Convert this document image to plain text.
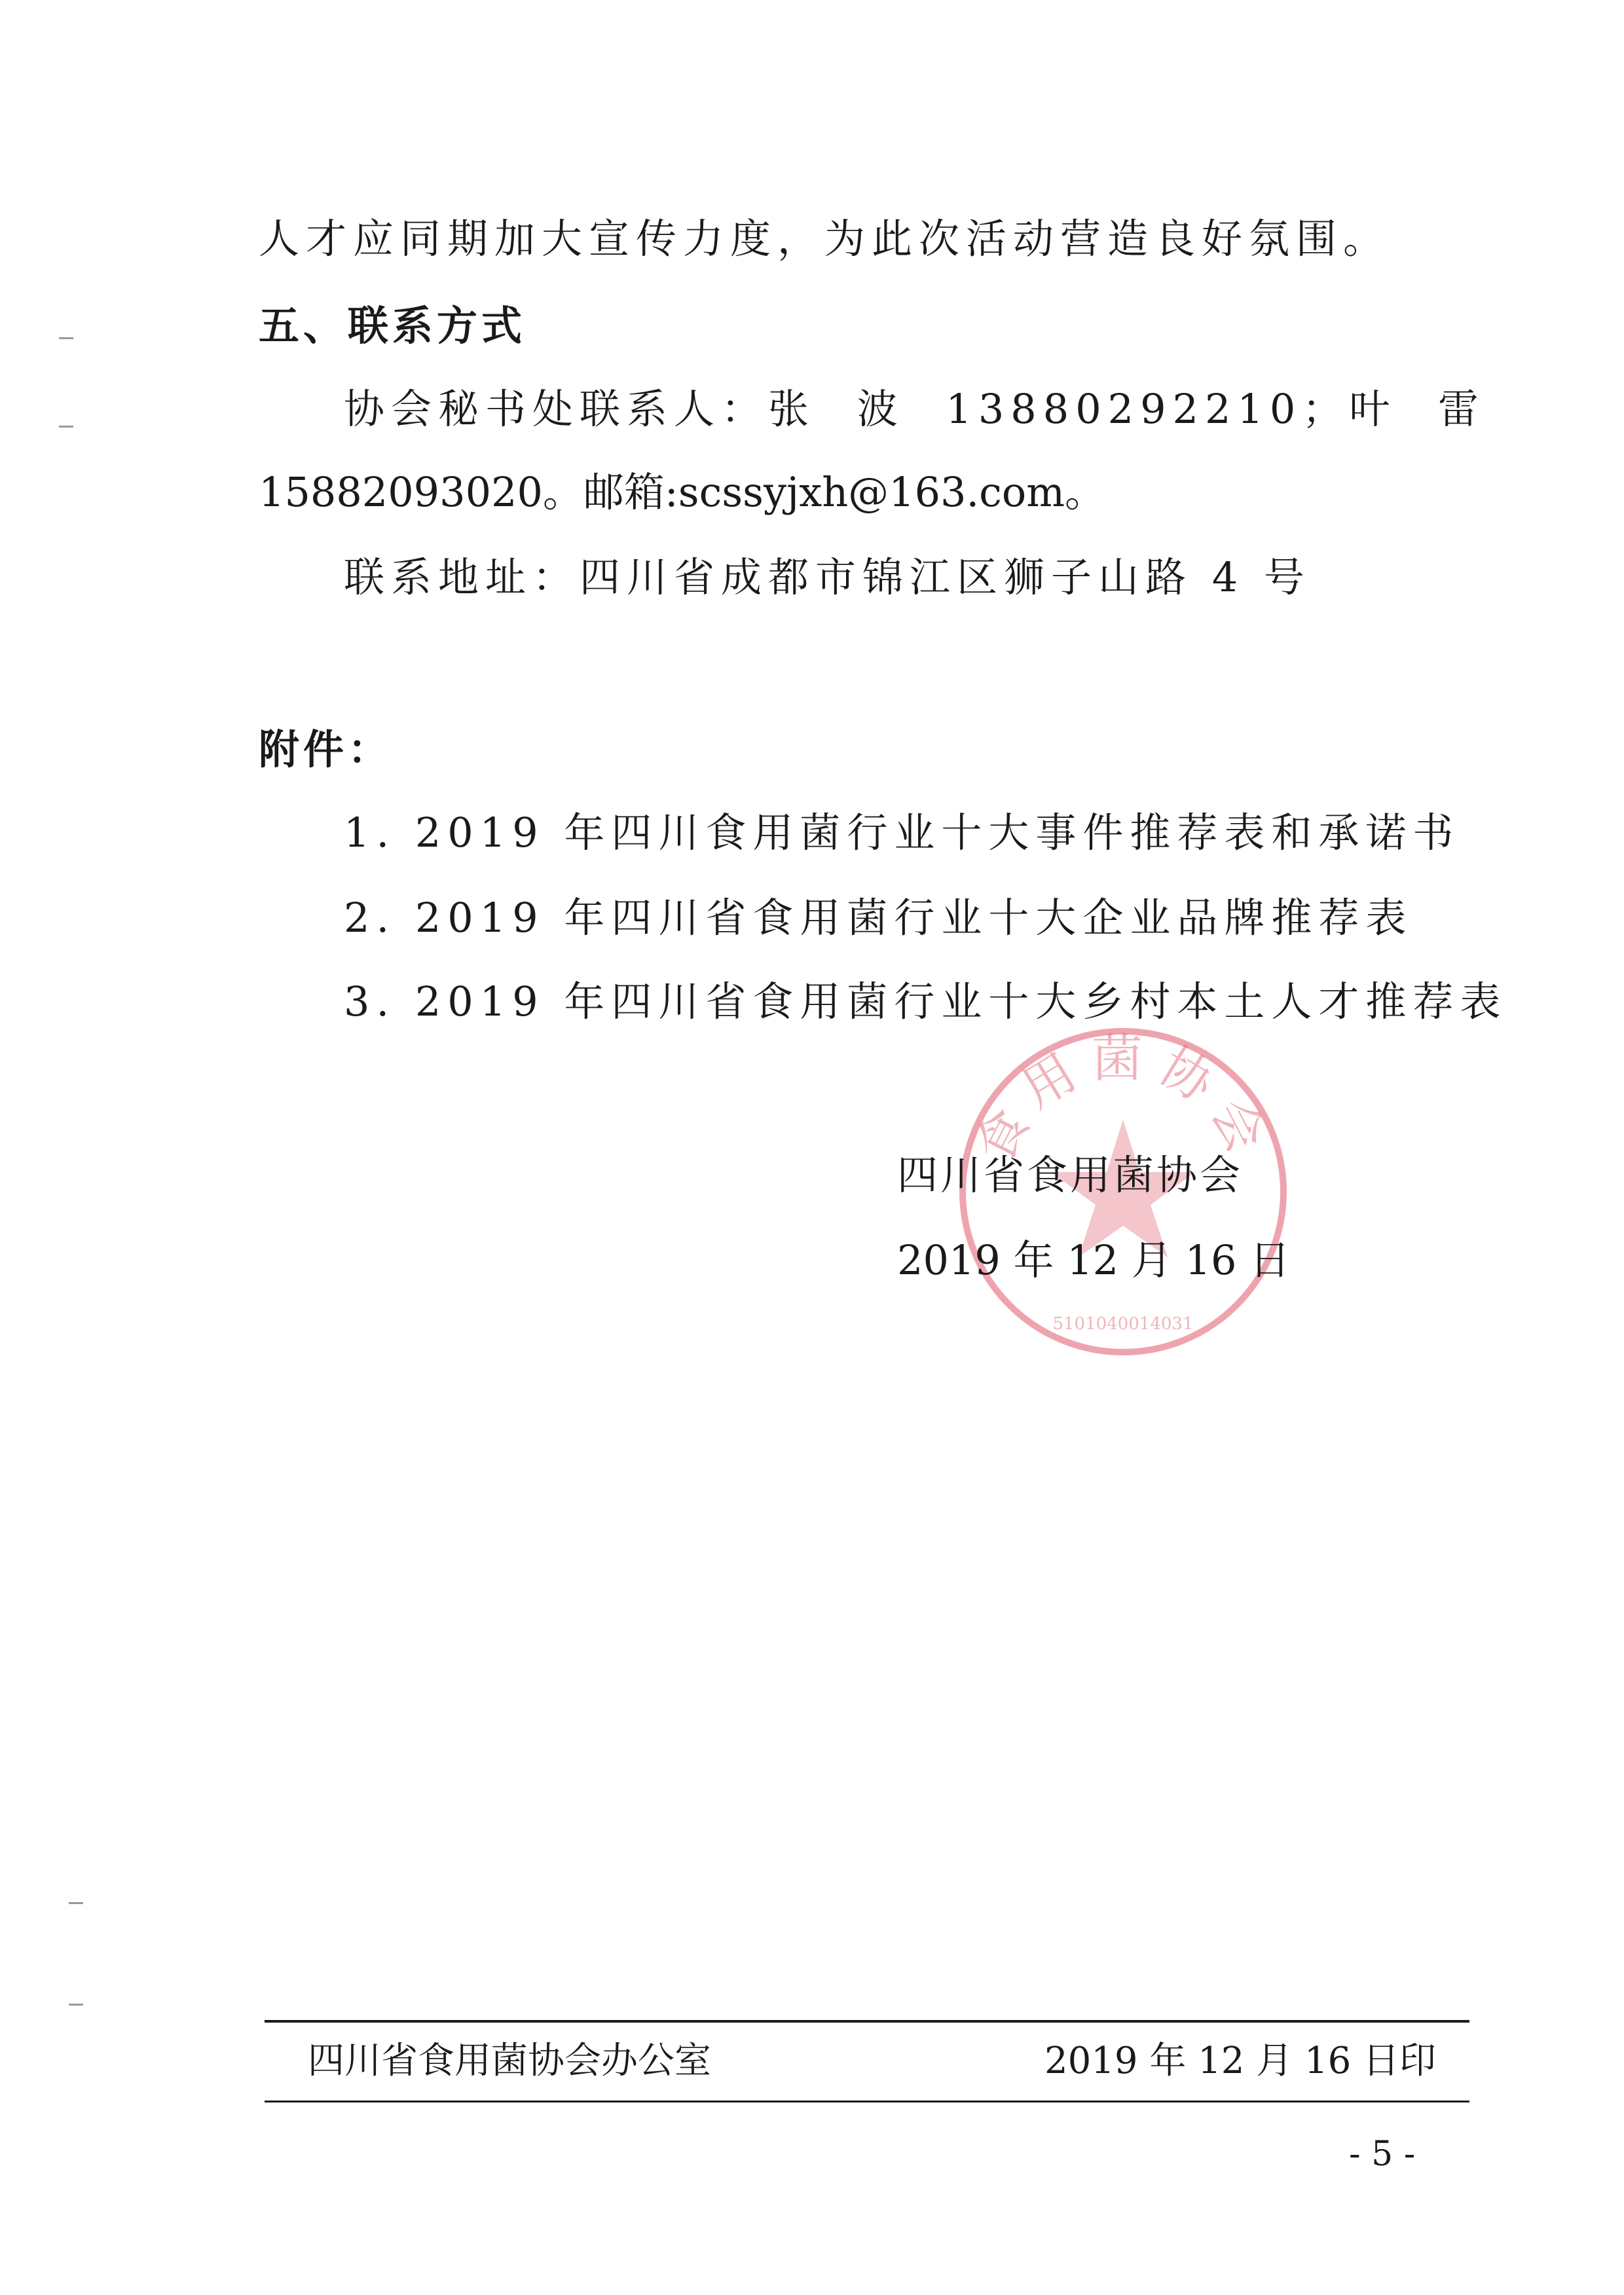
人才应同期加大宣传力度，为此次活动营造良好氛围。
五、联系方式
协会秘书处联系人：张 波 13880292210；叶 雷
15882093020。邮箱:scssyjxh@163.com。
联系地址：四川省成都市锦江区狮子山路 4 号
附件：
1. 2019 年四川食用菌行业十大事件推荐表和承诺书
2. 2019 年四川省食用菌行业十大企业品牌推荐表
3. 2019 年四川省食用菌行业十大乡村本土人才推荐表
食用菌协会
5101040014031
四川省食用菌协会
2019 年 12 月 16 日
四川省食用菌协会办公室	2019 年 12 月 16 日印
- 5 -
